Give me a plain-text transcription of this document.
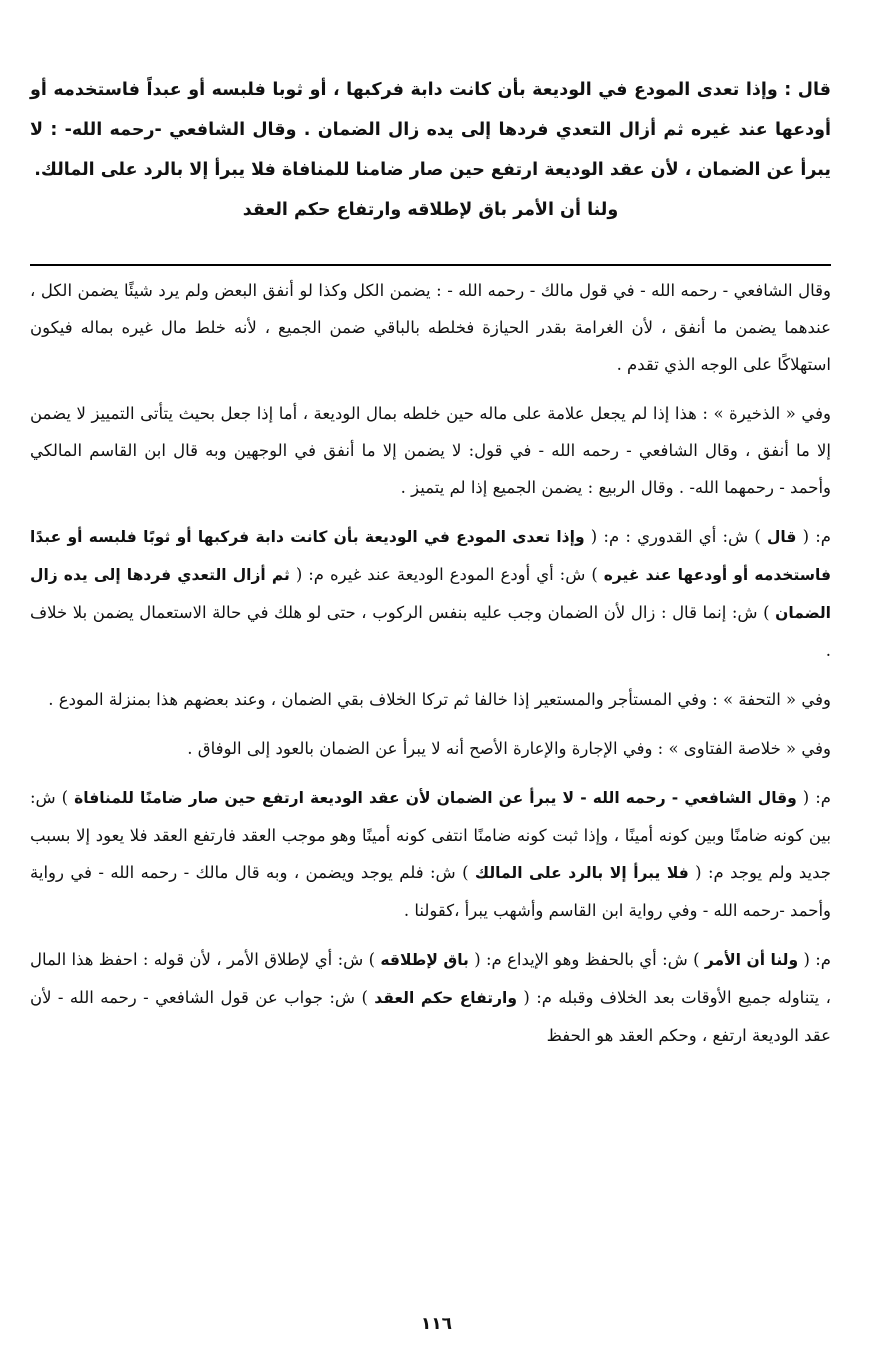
قال : وإذا تعدى المودع في الوديعة بأن كانت دابة فركبها ، أو ثوبا فلبسه أو عبداً فاستخدمه أو أودعها عند غيره ثم أزال التعدي فردها إلى يده زال الضمان . وقال الشافعي -رحمه الله- : لا يبرأ عن الضمان ، لأن عقد الوديعة ارتفع حين صار ضامنا للمنافاة فلا يبرأ إلا بالرد على المالك.

ولنا أن الأمر باق لإطلاقه وارتفاع حكم العقد

وقال الشافعي - رحمه الله - في قول مالك - رحمه الله - : يضمن الكل وكذا لو أنفق البعض ولم يرد شيئًا يضمن الكل ، عندهما يضمن ما أنفق ، لأن الغرامة بقدر الحيازة فخلطه بالباقي ضمن الجميع ، لأنه خلط مال غيره بماله فيكون استهلاكًا على الوجه الذي تقدم .

وفي « الذخيرة » : هذا إذا لم يجعل علامة على ماله حين خلطه بمال الوديعة ، أما إذا جعل بحيث يتأتى التمييز لا يضمن إلا ما أنفق ، وقال الشافعي - رحمه الله - في قول: لا يضمن إلا ما أنفق في الوجهين وبه قال ابن القاسم المالكي وأحمد - رحمهما الله- . وقال الربيع : يضمن الجميع إذا لم يتميز .

م: ( قال ) ش: أي القدوري : م: ( وإذا تعدى المودع في الوديعة بأن كانت دابة فركبها أو ثوبًا فلبسه أو عبدًا فاستخدمه أو أودعها عند غيره ) ش: أي أودع المودع الوديعة عند غيره م: ( ثم أزال التعدي فردها إلى يده زال الضمان ) ش: إنما قال : زال لأن الضمان وجب عليه بنفس الركوب ، حتى لو هلك في حالة الاستعمال يضمن بلا خلاف .

وفي « التحفة » : وفي المستأجر والمستعير إذا خالفا ثم تركا الخلاف بقي الضمان ، وعند بعضهم هذا بمنزلة المودع .

وفي « خلاصة الفتاوى » : وفي الإجارة والإعارة الأصح أنه لا يبرأ عن الضمان بالعود إلى الوفاق .

م: ( وقال الشافعي - رحمه الله - لا يبرأ عن الضمان لأن عقد الوديعة ارتفع حين صار ضامنًا للمنافاة ) ش: بين كونه ضامنًا وبين كونه أمينًا ، وإذا ثبت كونه ضامنًا انتفى كونه أمينًا وهو موجب العقد فارتفع العقد فلا يعود إلا بسبب جديد ولم يوجد م: ( فلا يبرأ إلا بالرد على المالك ) ش: فلم يوجد ويضمن ، وبه قال مالك - رحمه الله - في رواية وأحمد -رحمه الله - وفي رواية ابن القاسم وأشهب يبرأ ،كقولنا .

م: ( ولنا أن الأمر ) ش: أي بالحفظ وهو الإيداع م: ( باق لإطلاقه ) ش: أي لإطلاق الأمر ، لأن قوله : احفظ هذا المال ، يتناوله جميع الأوقات بعد الخلاف وقبله م: ( وارتفاع حكم العقد ) ش: جواب عن قول الشافعي - رحمه الله - لأن عقد الوديعة ارتفع ، وحكم العقد هو الحفظ

١١٦
